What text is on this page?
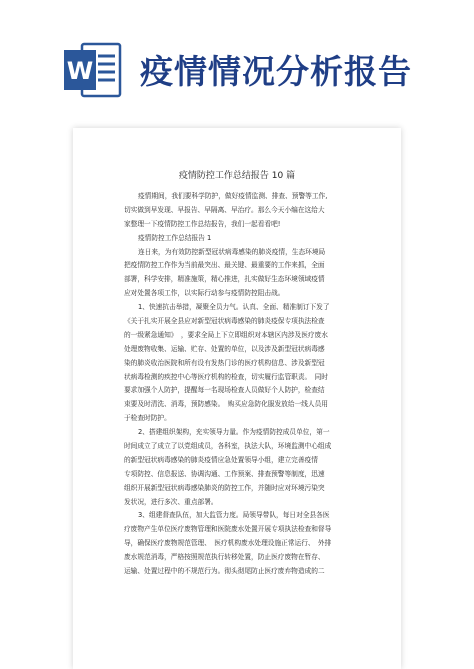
W 疫情情况分析报告
疫情防控工作总结报告 10 篇
疫情期间，我们要科学防护，做好疫情监测、排查、预警等工作,
切实做到早发现、早报告、早隔离、早治疗。那么今天小编在这给大
家整理一下疫情防控工作总结报告，我们一起看看吧!
疫情防控工作总结报告 1
连日来，为有效防控新型冠状病毒感染的肺炎疫情，生态环境局
把疫情防控工作作为当前最突出、最关键、最重要的工作来抓，全面
部署，科学安排，精准施策，精心推进，扎实做好生态环境领域疫情
应对处置各项工作，以实际行动参与疫情防控阻击战。
1、快速抗击举措，凝聚全员力气。认真、全面、精准制订下发了
《关于扎实开展全县应对新型冠状病毒感染的肺炎疫保专项执法检查
的一级紧急通知》　，要求全局上下立即组织对本辖区内涉及医疗废水
处理废物收集、运输、贮存、处置的单位，以及涉及新型冠状病毒感
染的肺炎收治医院和所有设有发热门诊的医疗机构信息、涉及新型冠
状病毒检测的疾控中心等医疗机构的检查，切实履行监管职责。　同时
要求加强个人防护，提醒每一名现场检查人员做好个人防护，检查结
束要及时清洗、消毒，预防感染。　购买应急防化服发放给一线人员用
于检查时防护。
2、搭建组织架构，充实领导力量。作为疫情防控成员单位，第一
时间成立了成立了以党组成员，各科室，执法大队，环境监测中心组成
的新型冠状病毒感染的肺炎疫情应急处置领导小组，建立完善疫情
专项防控、信息报送、协调沟通、工作预案、排查预警等制度，迅速
组织开展新型冠状病毒感染肺炎的防控工作，并随时应对环境污染突
发状况，进行多次、重点部署。
3、组建督查队伍，加大监管力度。局领导带队，每日对全县各医
疗废物产生单位医疗废物管理和医院废水处置开展专项执法检查和督导
导，确保医疗废物规范管理、　医疗机构废水处理设施正常运行、　外排
废水规范消毒，严格按照规范执行转移处置，防止医疗废物在暂存、
运输、处置过程中的不规范行为。彻头彻尾防止医疗废弃物造成的二
